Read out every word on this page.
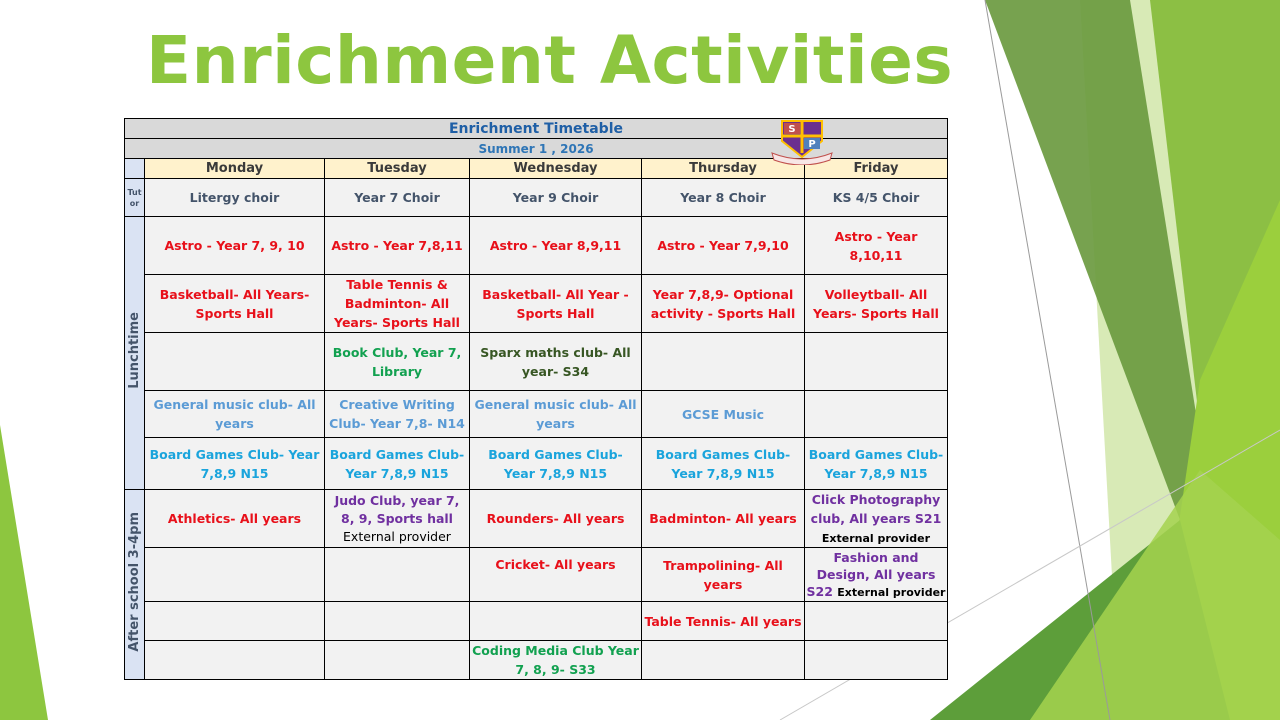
Enrichment Activities
S
P
Enrichment Timetable					
Summer 1 , 2026					
	Monday	Tuesday	Wednesday	Thursday	Friday
Tut or	Litergy choir	Year 7 Choir	Year 9 Choir	Year 8 Choir	KS 4/5 Choir
Lunchtime	Astro - Year 7, 9, 10	Astro - Year 7,8,11	Astro - Year 8,9,11	Astro - Year 7,9,10	Astro - Year 8,10,11
	Basketball- All Years- Sports Hall	Table Tennis & Badminton- All Years- Sports Hall	Basketball- All Year - Sports Hall	Year 7,8,9- Optional activity - Sports Hall	Volleytball- All Years- Sports Hall
		Book Club, Year 7, Library	Sparx maths club- All year- S34		
	General music club- All years	Creative Writing Club- Year 7,8- N14	General music club- All years	GCSE Music	
	Board Games Club- Year 7,8,9 N15	Board Games Club- Year 7,8,9 N15	Board Games Club- Year 7,8,9 N15	Board Games Club- Year 7,8,9 N15	Board Games Club- Year 7,8,9 N15
After school 3-4pm	Athletics- All years	Judo Club, year 7, 8, 9, Sports hall External provider	Rounders- All years	Badminton- All years	Click Photography club, All years S21
External provider
			Cricket- All years	Trampolining- All years	Fashion and Design, All years S22 External provider
				Table Tennis- All years	
			Coding Media Club Year 7, 8, 9- S33		
